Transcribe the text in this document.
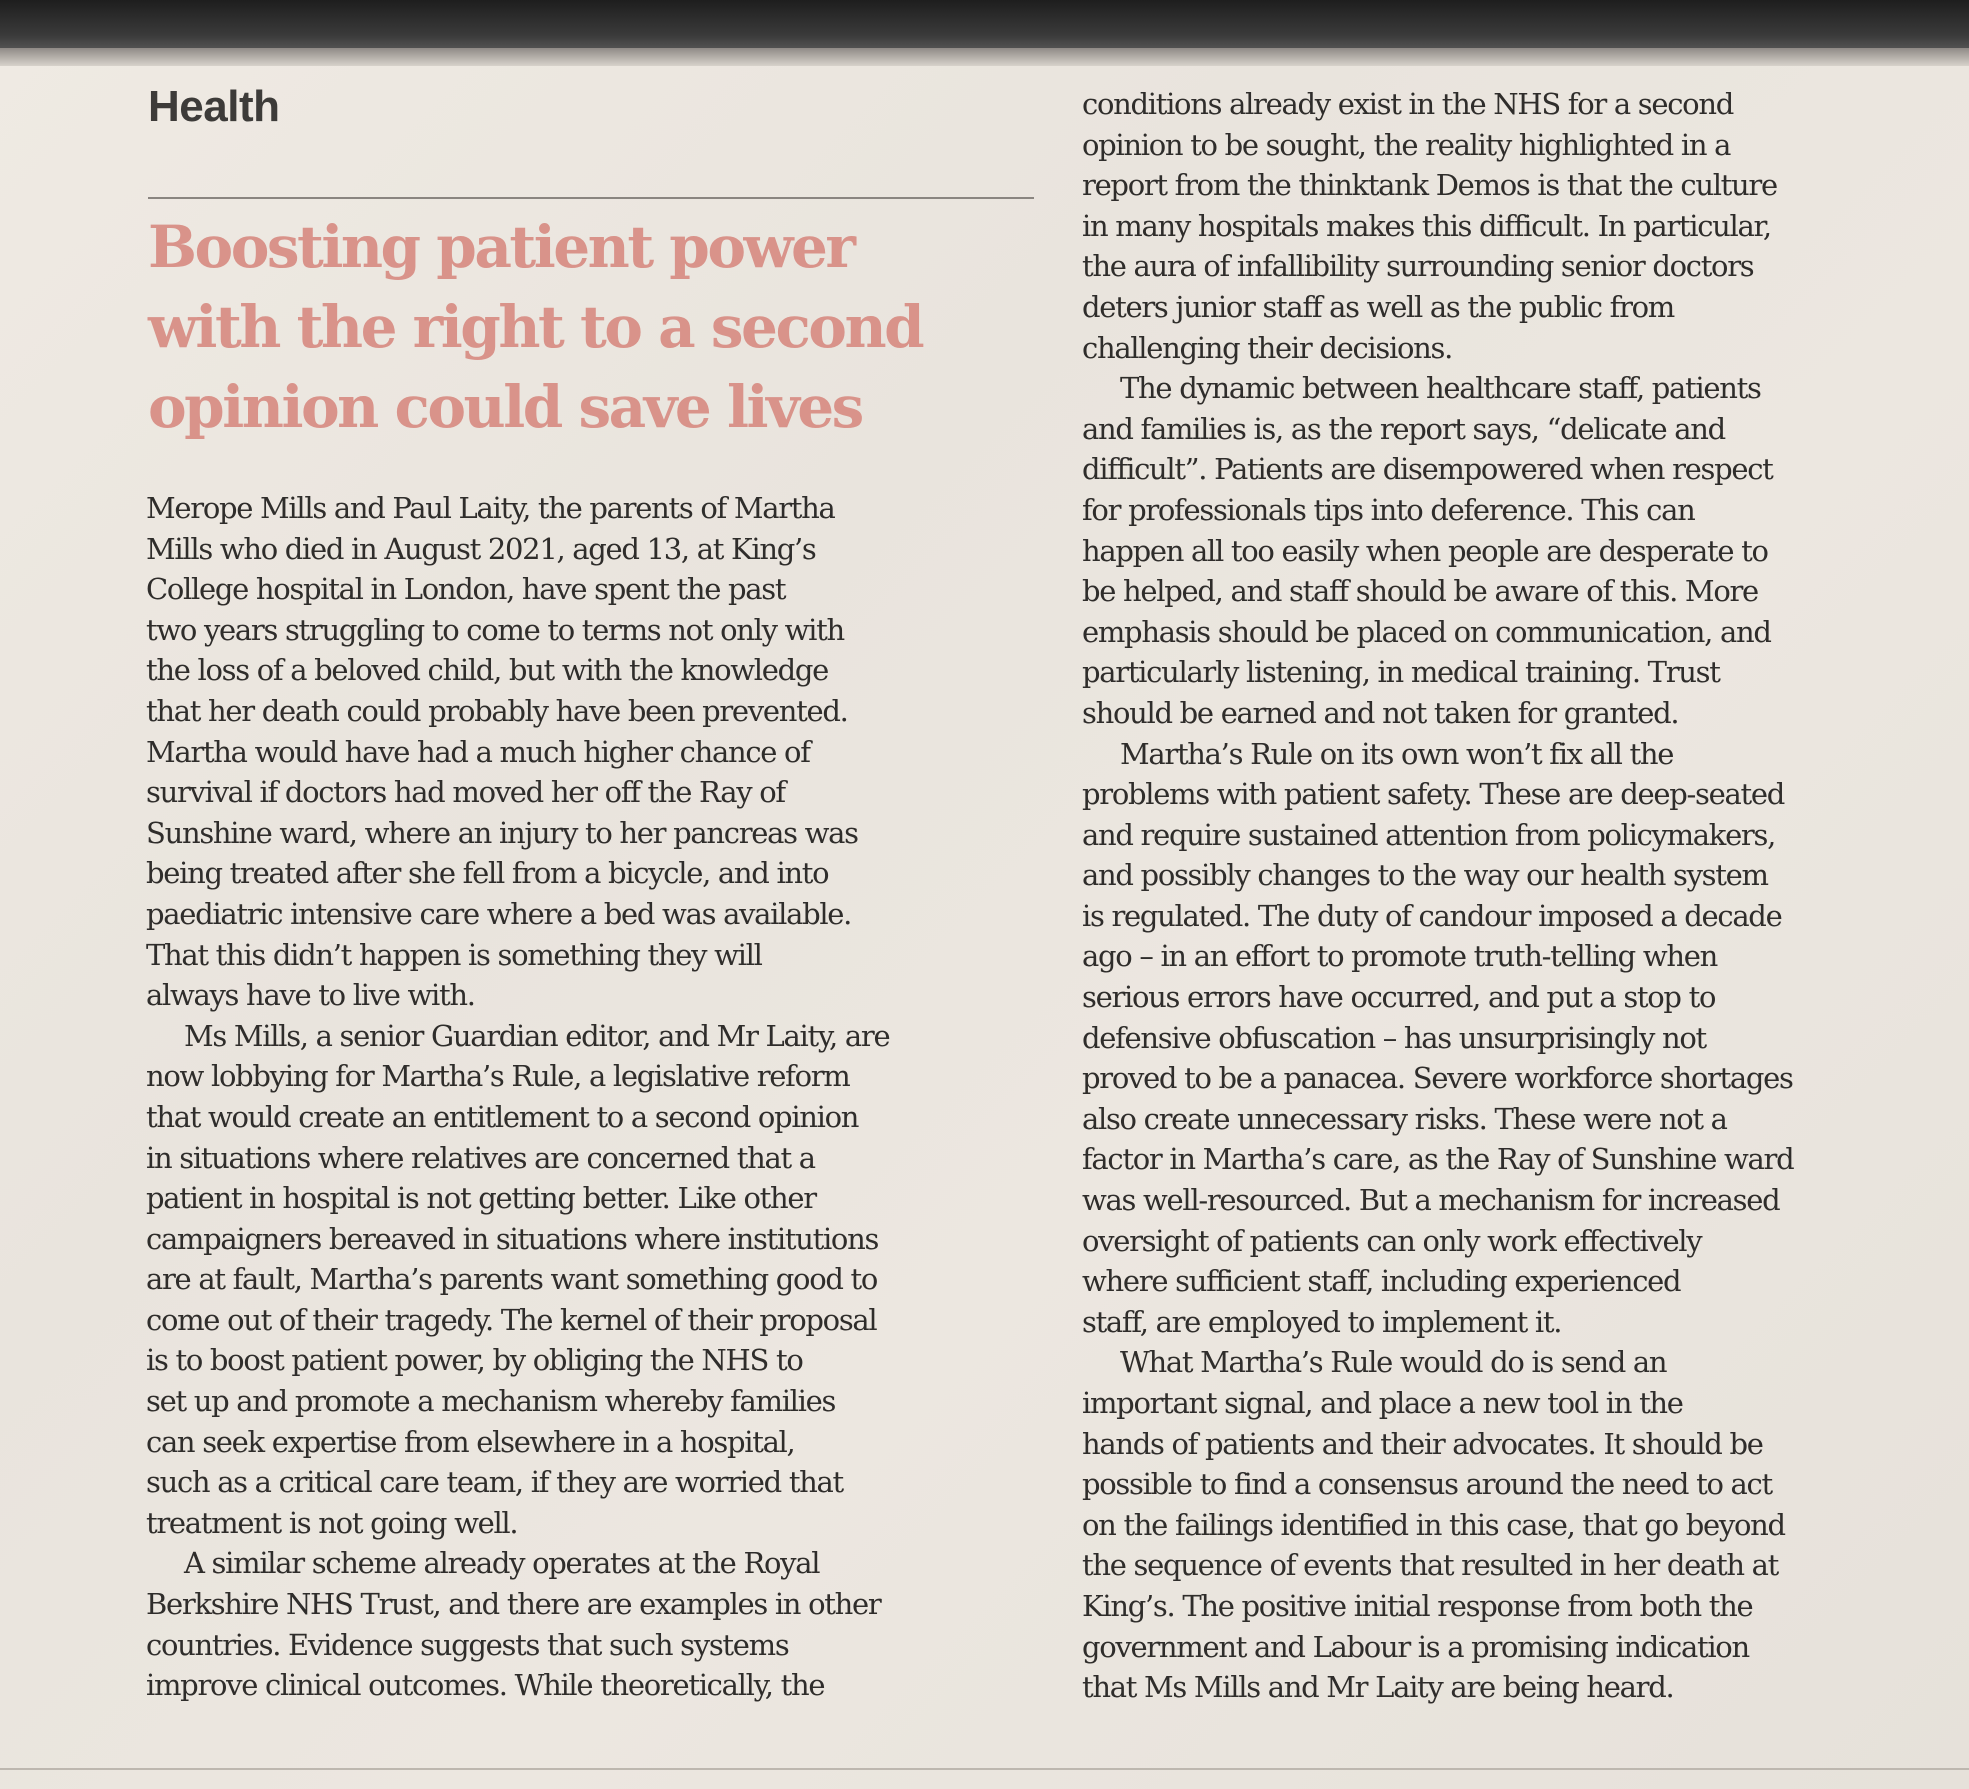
Health
Boosting patient power
with the right to a second
opinion could save lives
Merope Mills and Paul Laity, the parents of Martha
Mills who died in August 2021, aged 13, at King’s
College hospital in London, have spent the past
two years struggling to come to terms not only with
the loss of a beloved child, but with the knowledge
that her death could probably have been prevented.
Martha would have had a much higher chance of
survival if doctors had moved her off the Ray of
Sunshine ward, where an injury to her pancreas was
being treated after she fell from a bicycle, and into
paediatric intensive care where a bed was available.
That this didn’t happen is something they will
always have to live with.
Ms Mills, a senior Guardian editor, and Mr Laity, are
now lobbying for Martha’s Rule, a legislative reform
that would create an entitlement to a second opinion
in situations where relatives are concerned that a
patient in hospital is not getting better. Like other
campaigners bereaved in situations where institutions
are at fault, Martha’s parents want something good to
come out of their tragedy. The kernel of their proposal
is to boost patient power, by obliging the NHS to
set up and promote a mechanism whereby families
can seek expertise from elsewhere in a hospital,
such as a critical care team, if they are worried that
treatment is not going well.
A similar scheme already operates at the Royal
Berkshire NHS Trust, and there are examples in other
countries. Evidence suggests that such systems
improve clinical outcomes. While theoretically, the
conditions already exist in the NHS for a second
opinion to be sought, the reality highlighted in a
report from the thinktank Demos is that the culture
in many hospitals makes this difficult. In particular,
the aura of infallibility surrounding senior doctors
deters junior staff as well as the public from
challenging their decisions.
The dynamic between healthcare staff, patients
and families is, as the report says, “delicate and
difficult”. Patients are disempowered when respect
for professionals tips into deference. This can
happen all too easily when people are desperate to
be helped, and staff should be aware of this. More
emphasis should be placed on communication, and
particularly listening, in medical training. Trust
should be earned and not taken for granted.
Martha’s Rule on its own won’t fix all the
problems with patient safety. These are deep-seated
and require sustained attention from policymakers,
and possibly changes to the way our health system
is regulated. The duty of candour imposed a decade
ago – in an effort to promote truth-telling when
serious errors have occurred, and put a stop to
defensive obfuscation – has unsurprisingly not
proved to be a panacea. Severe workforce shortages
also create unnecessary risks. These were not a
factor in Martha’s care, as the Ray of Sunshine ward
was well-resourced. But a mechanism for increased
oversight of patients can only work effectively
where sufficient staff, including experienced
staff, are employed to implement it.
What Martha’s Rule would do is send an
important signal, and place a new tool in the
hands of patients and their advocates. It should be
possible to find a consensus around the need to act
on the failings identified in this case, that go beyond
the sequence of events that resulted in her death at
King’s. The positive initial response from both the
government and Labour is a promising indication
that Ms Mills and Mr Laity are being heard.
